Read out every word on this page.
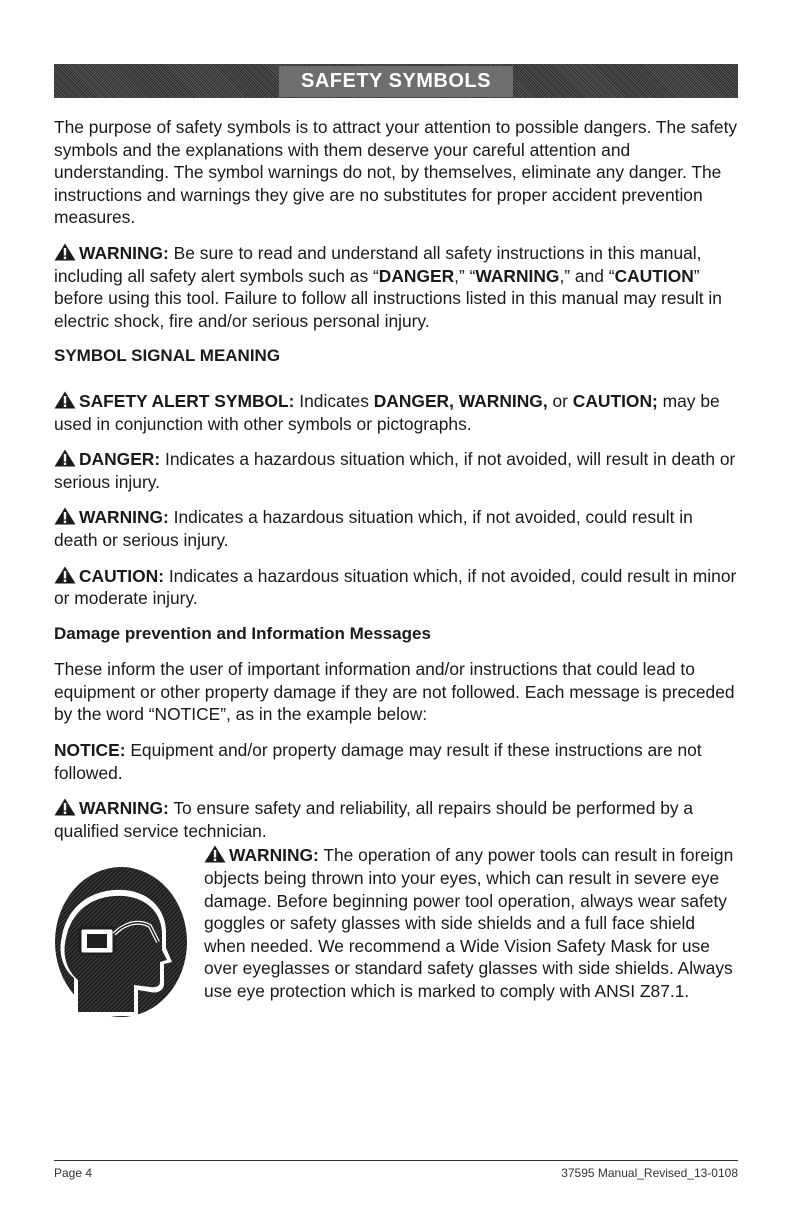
SAFETY SYMBOLS

The purpose of safety symbols is to attract your attention to possible dangers. The safety symbols and the explanations with them deserve your careful attention and understanding. The symbol warnings do not, by themselves, eliminate any danger. The instructions and warnings they give are no substitutes for proper accident prevention measures.

WARNING: Be sure to read and understand all safety instructions in this manual, including all safety alert symbols such as “DANGER,” “WARNING,” and “CAUTION” before using this tool. Failure to follow all instructions listed in this manual may result in electric shock, fire and/or serious personal injury.

SYMBOL SIGNAL MEANING

SAFETY ALERT SYMBOL: Indicates DANGER, WARNING, or CAUTION; may be used in conjunction with other symbols or pictographs.

DANGER: Indicates a hazardous situation which, if not avoided, will result in death or serious injury.

WARNING: Indicates a hazardous situation which, if not avoided, could result in death or serious injury.

CAUTION: Indicates a hazardous situation which, if not avoided, could result in minor or moderate injury.

Damage prevention and Information Messages

These inform the user of important information and/or instructions that could lead to equipment or other property damage if they are not followed. Each message is preceded by the word “NOTICE”, as in the example below:

NOTICE: Equipment and/or property damage may result if these instructions are not followed.

WARNING: To ensure safety and reliability, all repairs should be performed by a qualified service technician.

WARNING: The operation of any power tools can result in foreign objects being thrown into your eyes, which can result in severe eye damage. Before beginning power tool operation, always wear safety goggles or safety glasses with side shields and a full face shield when needed. We recommend a Wide Vision Safety Mask for use over eyeglasses or standard safety glasses with side shields. Always use eye protection which is marked to comply with ANSI Z87.1.

Page 4	37595 Manual_Revised_13-0108
